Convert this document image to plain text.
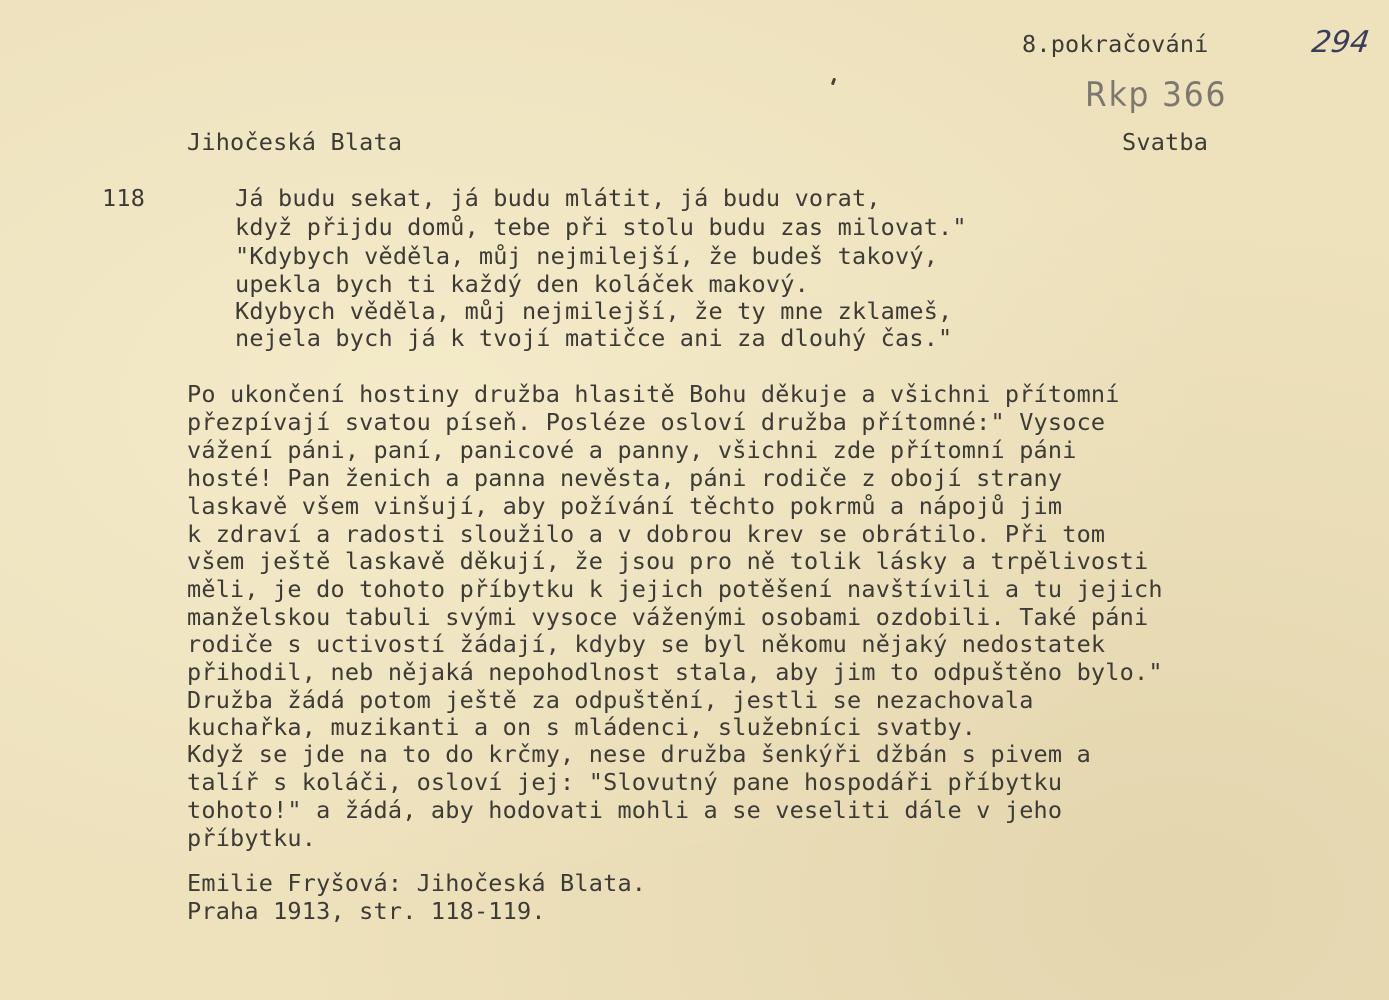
294
8.pokračování
Rkp 366
Jihočeská Blata	Svatba
118	Já budu sekat, já budu mlátit, já budu vorat,
když přijdu domů, tebe při stolu budu zas milovat."
"Kdybych věděla, můj nejmilejší, že budeš takový,
upekla bych ti každý den koláček makový.
Kdybych věděla, můj nejmilejší, že ty mne zklameš,
nejela bych já k tvojí matičce ani za dlouhý čas."
Po ukončení hostiny družba hlasitě Bohu děkuje a všichni přítomní
přezpívají svatou píseň. Posléze osloví družba přítomné:" Vysoce
vážení páni, paní, panicové a panny, všichni zde přítomní páni
hosté! Pan ženich a panna nevěsta, páni rodiče z obojí strany
laskavě všem vinšují, aby požívání těchto pokrmů a nápojů jim
k zdraví a radosti sloužilo a v dobrou krev se obrátilo. Při tom
všem ještě laskavě děkují, že jsou pro ně tolik lásky a trpělivosti
měli, je do tohoto příbytku k jejich potěšení navštívili a tu jejich
manželskou tabuli svými vysoce váženými osobami ozdobili. Také páni
rodiče s uctivostí žádají, kdyby se byl někomu nějaký nedostatek
přihodil, neb nějaká nepohodlnost stala, aby jim to odpuštěno bylo."
Družba žádá potom ještě za odpuštění, jestli se nezachovala
kuchařka, muzikanti a on s mládenci, služebníci svatby.
Když se jde na to do krčmy, nese družba šenkýři džbán s pivem a
talíř s koláči, osloví jej: "Slovutný pane hospodáři příbytku
tohoto!" a žádá, aby hodovati mohli a se veseliti dále v jeho
příbytku.
Emilie Fryšová: Jihočeská Blata.
Praha 1913, str. 118-119.
